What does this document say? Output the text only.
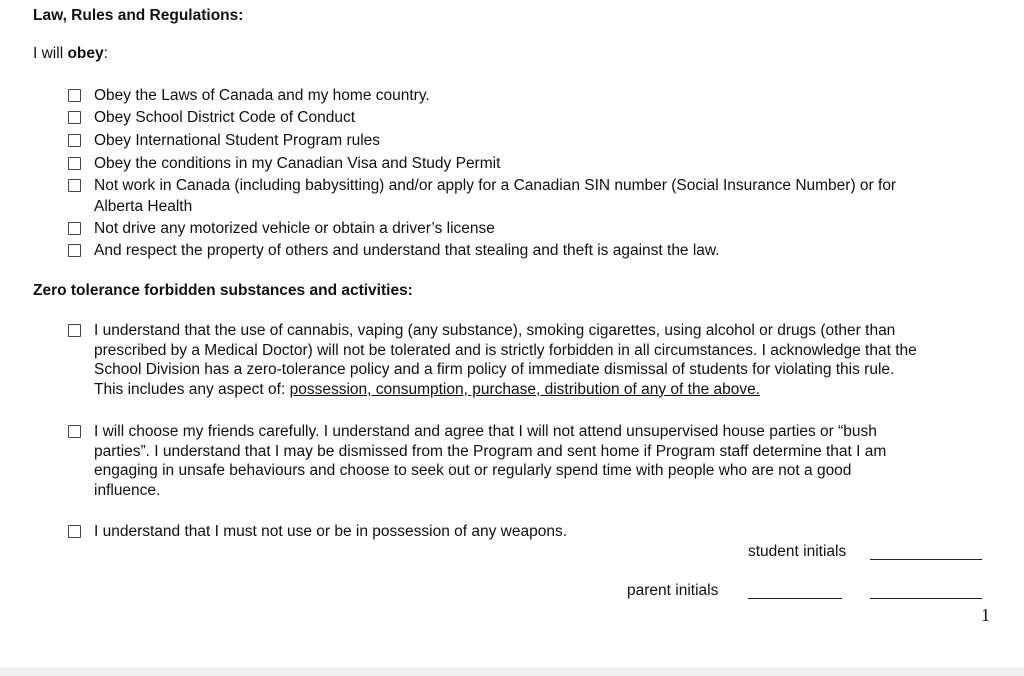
Law, Rules and Regulations:
I will obey:
Obey the Laws of Canada and my home country.
Obey School District Code of Conduct
Obey International Student Program rules
Obey the conditions in my Canadian Visa and Study Permit
Not work in Canada (including babysitting) and/or apply for a Canadian SIN number (Social Insurance Number) or for
Alberta Health
Not drive any motorized vehicle or obtain a driver’s license
And respect the property of others and understand that stealing and theft is against the law.
Zero tolerance forbidden substances and activities:
I understand that the use of cannabis, vaping (any substance), smoking cigarettes, using alcohol or drugs (other than
prescribed by a Medical Doctor) will not be tolerated and is strictly forbidden in all circumstances. I acknowledge that the
School Division has a zero-tolerance policy and a firm policy of immediate dismissal of students for violating this rule.
This includes any aspect of: possession, consumption, purchase, distribution of any of the above.
I will choose my friends carefully. I understand and agree that I will not attend unsupervised house parties or “bush
parties”. I understand that I may be dismissed from the Program and sent home if Program staff determine that I am
engaging in unsafe behaviours and choose to seek out or regularly spend time with people who are not a good
influence.
I understand that I must not use or be in possession of any weapons.
student initials
parent initials
1
